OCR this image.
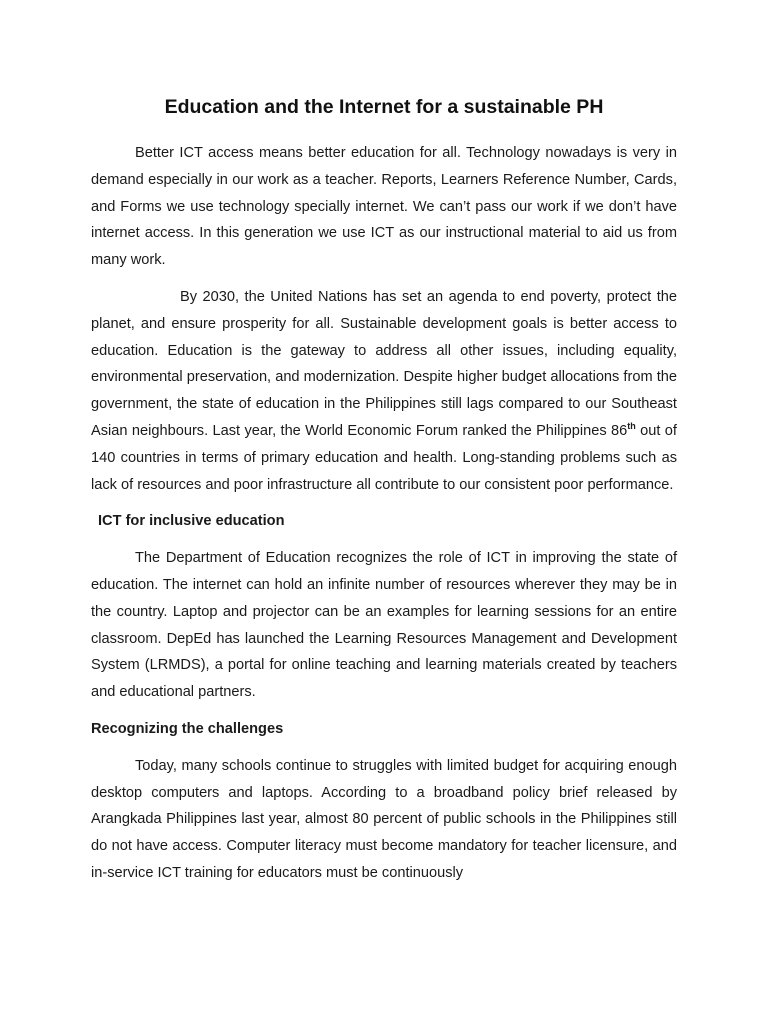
Education and the Internet for a sustainable PH

Better ICT access means better education for all. Technology nowadays is very in demand especially in our work as a teacher. Reports, Learners Reference Number, Cards, and Forms we use technology specially internet. We can’t pass our work if we don’t have internet access. In this generation we use ICT as our instructional material to aid us from many work.

By 2030, the United Nations has set an agenda to end poverty, protect the planet, and ensure prosperity for all. Sustainable development goals is better access to education. Education is the gateway to address all other issues, including equality, environmental preservation, and modernization. Despite higher budget allocations from the government, the state of education in the Philippines still lags compared to our Southeast Asian neighbours. Last year, the World Economic Forum ranked the Philippines 86th out of 140 countries in terms of primary education and health. Long-standing problems such as lack of resources and poor infrastructure all contribute to our consistent poor performance.

ICT for inclusive education

The Department of Education recognizes the role of ICT in improving the state of education. The internet can hold an infinite number of resources wherever they may be in the country. Laptop and projector can be an examples for learning sessions for an entire classroom. DepEd has launched the Learning Resources Management and Development System (LRMDS), a portal for online teaching and learning materials created by teachers and educational partners.

Recognizing the challenges

Today, many schools continue to struggles with limited budget for acquiring enough desktop computers and laptops. According to a broadband policy brief released by Arangkada Philippines last year, almost 80 percent of public schools in the Philippines still do not have access. Computer literacy must become mandatory for teacher licensure, and in-service ICT training for educators must be continuously
